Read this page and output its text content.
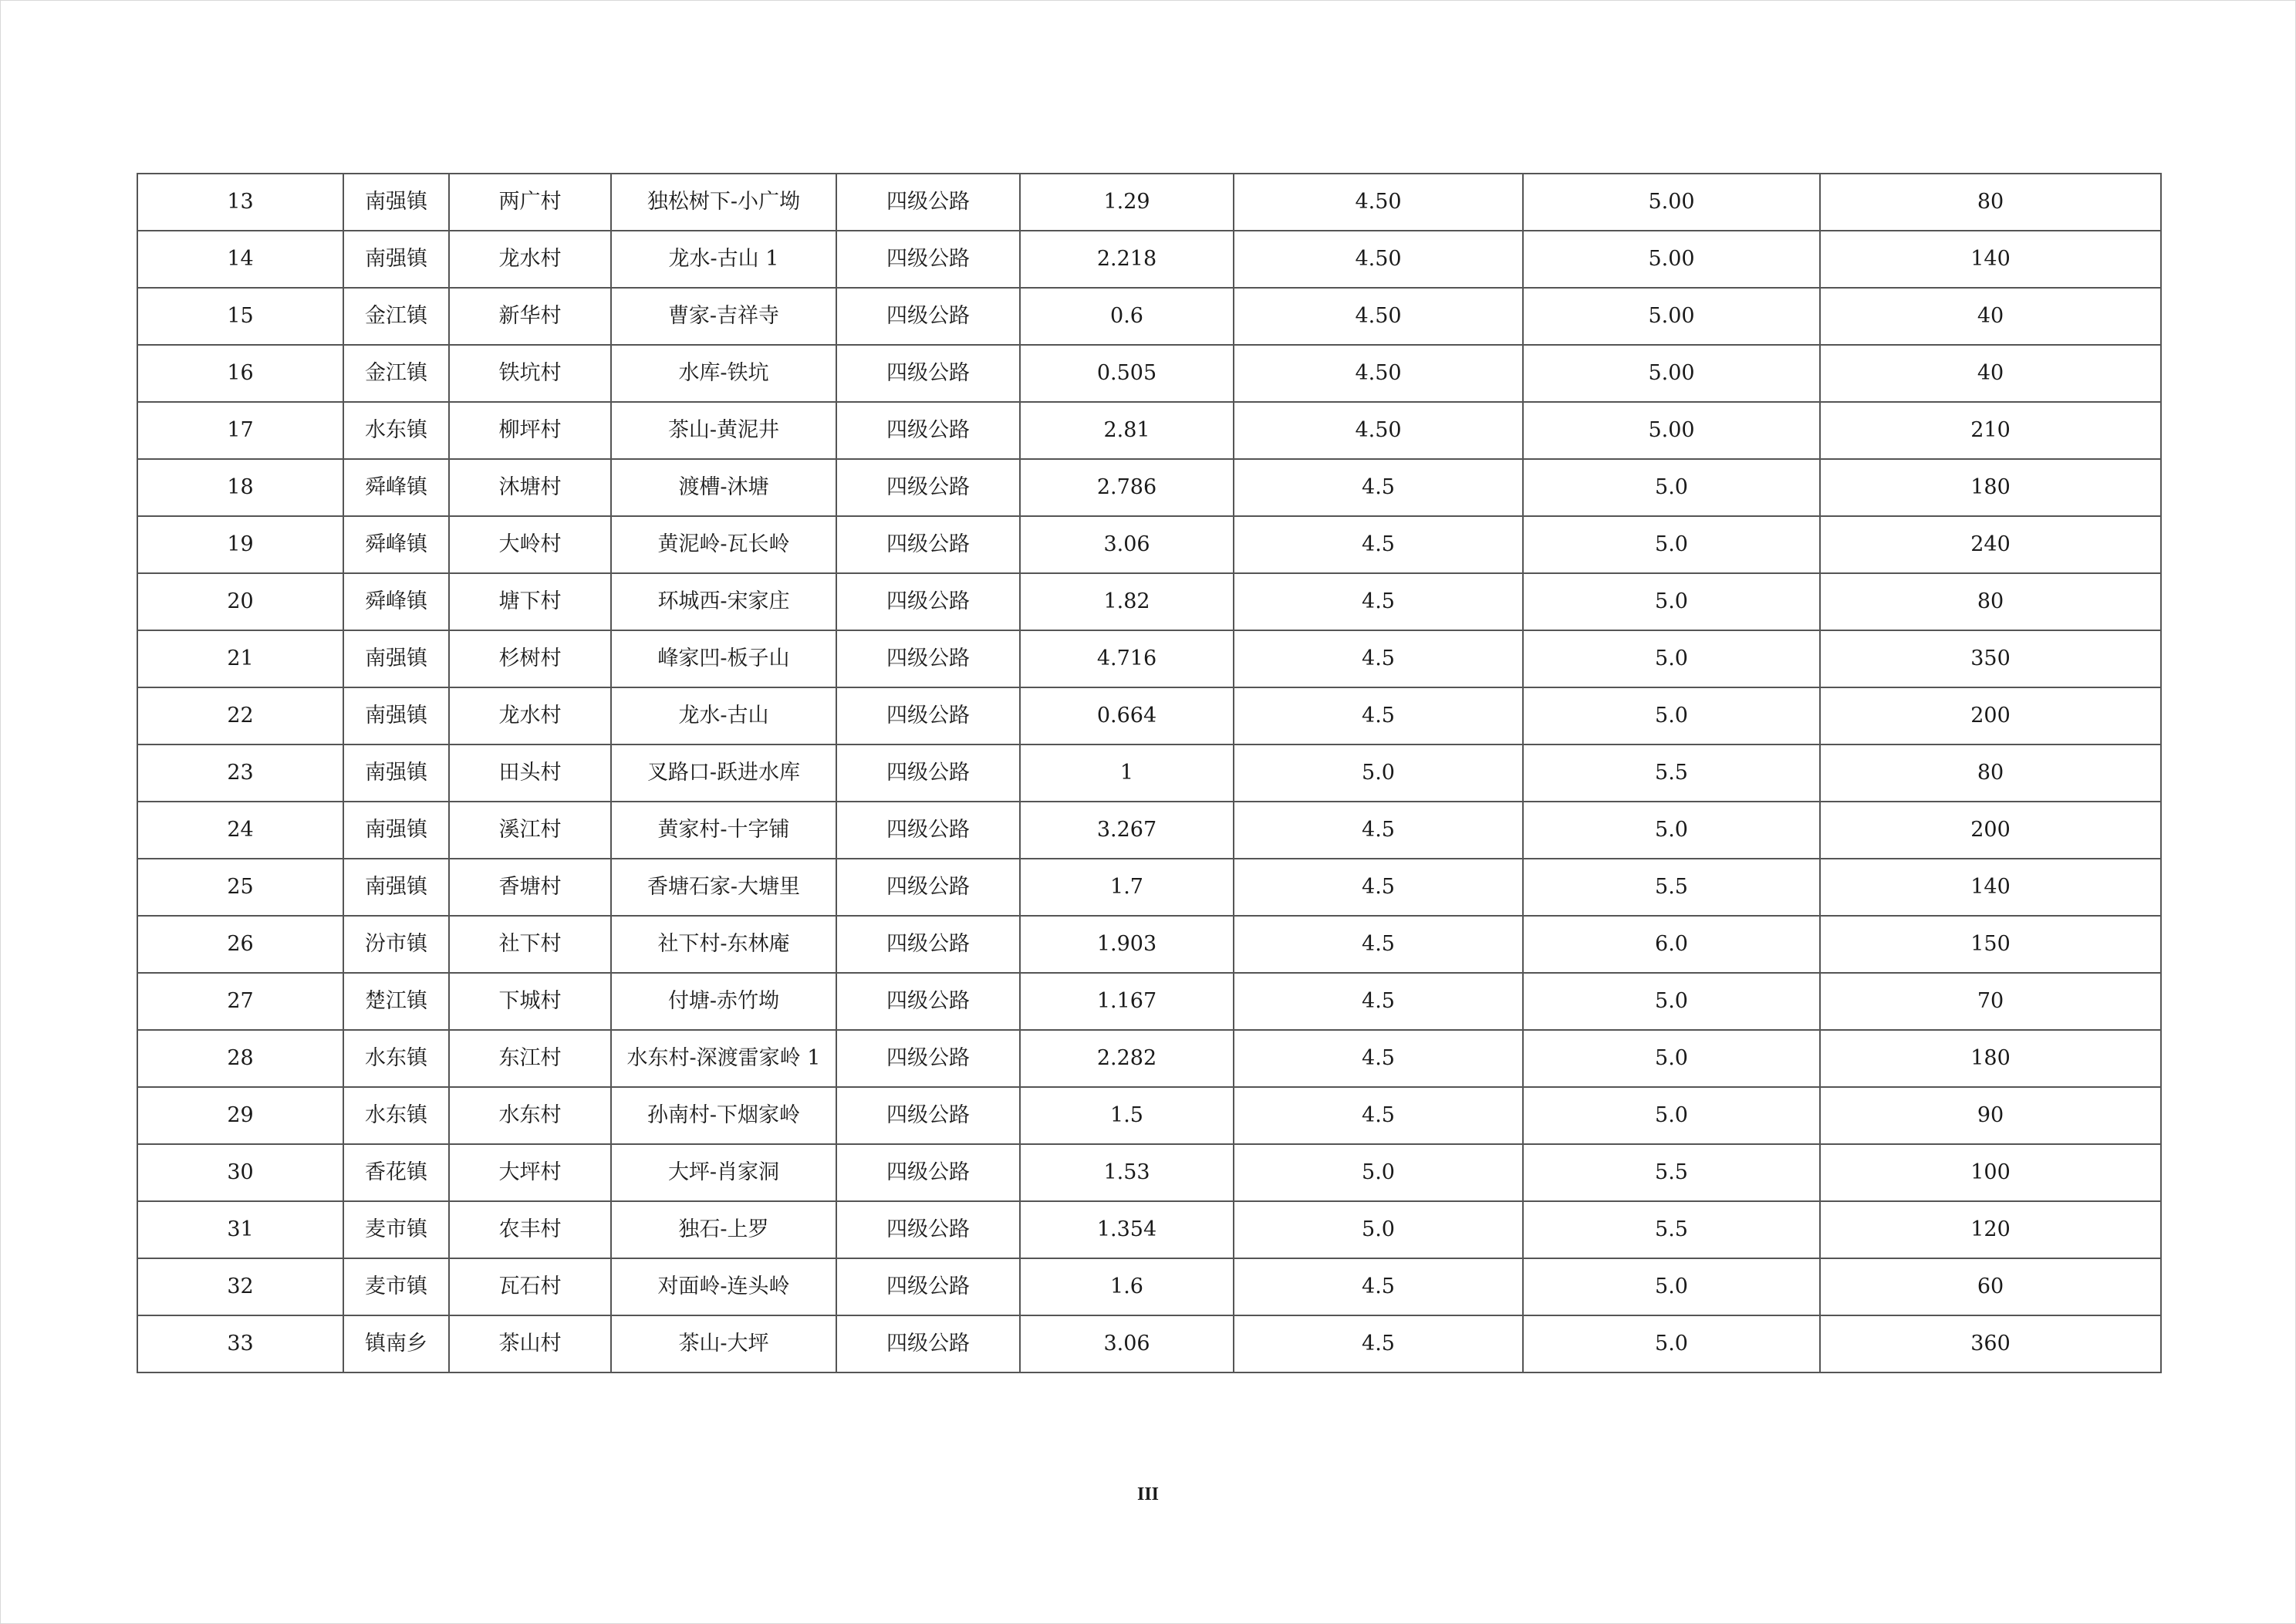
13	南强镇	两广村	独松树下-小广坳	四级公路	1.29	4.50	5.00	80
14	南强镇	龙水村	龙水-古山 1	四级公路	2.218	4.50	5.00	140
15	金江镇	新华村	曹家-吉祥寺	四级公路	0.6	4.50	5.00	40
16	金江镇	铁坑村	水库-铁坑	四级公路	0.505	4.50	5.00	40
17	水东镇	柳坪村	茶山-黄泥井	四级公路	2.81	4.50	5.00	210
18	舜峰镇	沐塘村	渡槽-沐塘	四级公路	2.786	4.5	5.0	180
19	舜峰镇	大岭村	黄泥岭-瓦长岭	四级公路	3.06	4.5	5.0	240
20	舜峰镇	塘下村	环城西-宋家庄	四级公路	1.82	4.5	5.0	80
21	南强镇	杉树村	峰家凹-板子山	四级公路	4.716	4.5	5.0	350
22	南强镇	龙水村	龙水-古山	四级公路	0.664	4.5	5.0	200
23	南强镇	田头村	叉路口-跃进水库	四级公路	1	5.0	5.5	80
24	南强镇	溪江村	黄家村-十字铺	四级公路	3.267	4.5	5.0	200
25	南强镇	香塘村	香塘石家-大塘里	四级公路	1.7	4.5	5.5	140
26	汾市镇	社下村	社下村-东林庵	四级公路	1.903	4.5	6.0	150
27	楚江镇	下城村	付塘-赤竹坳	四级公路	1.167	4.5	5.0	70
28	水东镇	东江村	水东村-深渡雷家岭 1	四级公路	2.282	4.5	5.0	180
29	水东镇	水东村	孙南村-下烟家岭	四级公路	1.5	4.5	5.0	90
30	香花镇	大坪村	大坪-肖家洞	四级公路	1.53	5.0	5.5	100
31	麦市镇	农丰村	独石-上罗	四级公路	1.354	5.0	5.5	120
32	麦市镇	瓦石村	对面岭-连头岭	四级公路	1.6	4.5	5.0	60
33	镇南乡	茶山村	茶山-大坪	四级公路	3.06	4.5	5.0	360
III
